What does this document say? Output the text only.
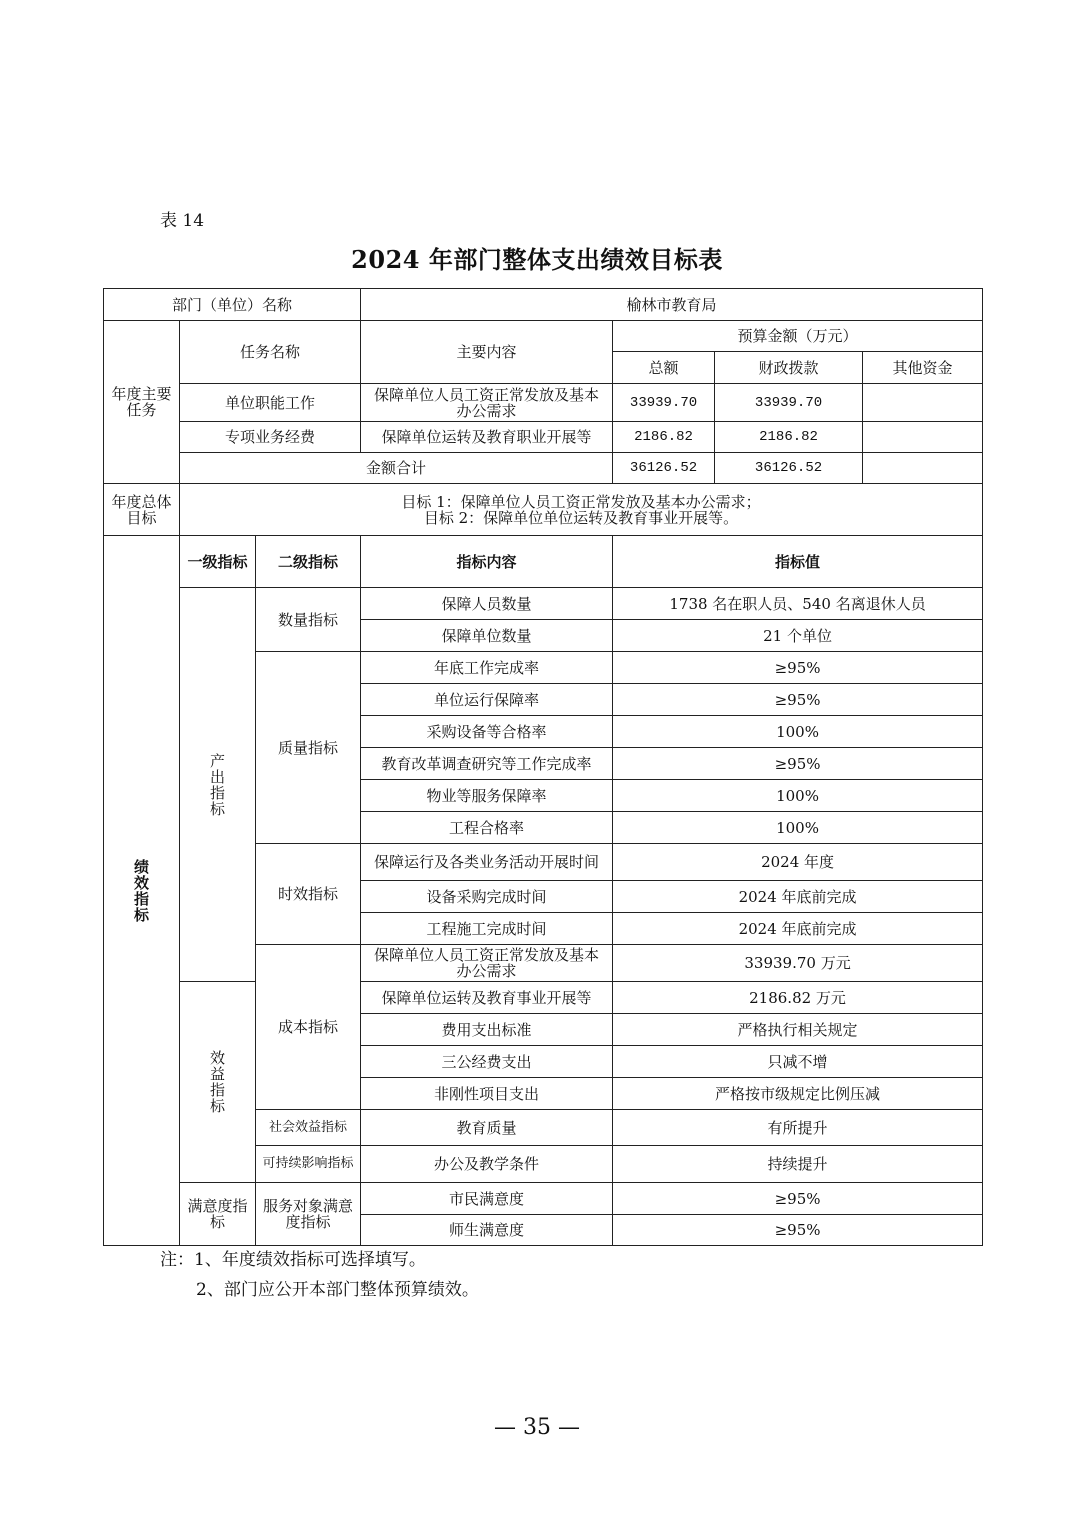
表 14
2024 年部门整体支出绩效目标表
部门（单位）名称			榆林市教育局			
年度主要任务	任务名称		主要内容	预算金额（万元）		
				总额	财政拨款	其他资金
	单位职能工作		保障单位人员工资正常发放及基本办公需求	33939.70	33939.70	
	专项业务经费		保障单位运转及教育职业开展等	2186.82	2186.82	
	金额合计			36126.52	36126.52	

年度总体目标	目标 1：保障单位人员工资正常发放及基本办公需求；
目标 2：保障单位单位运转及教育事业开展等。					

绩效指标	一级指标	二级指标	指标内容	指标值		
	产出指标	数量指标	保障人员数量	1738 名在职人员、540 名离退休人员		
			保障单位数量	21 个单位		
		质量指标	年底工作完成率	≥95%		
			单位运行保障率	≥95%		
			采购设备等合格率	100%		
			教育改革调查研究等工作完成率	≥95%		
			物业等服务保障率	100%		
			工程合格率	100%		
		时效指标	保障运行及各类业务活动开展时间	2024 年度		
			设备采购完成时间	2024 年底前完成		
			工程施工完成时间	2024 年底前完成		
		成本指标	保障单位人员工资正常发放及基本办公需求	33939.70 万元		
	效益指标		保障单位运转及教育事业开展等	2186.82 万元		
			费用支出标准	严格执行相关规定		
			三公经费支出	只减不增		
			非刚性项目支出	严格按市级规定比例压减		
		社会效益指标	教育质量	有所提升		
		可持续影响指标	办公及教学条件	持续提升		
	满意度指标	服务对象满意度指标	市民满意度	≥95%		
			师生满意度	≥95%		
注：1、年度绩效指标可选择填写。
2、部门应公开本部门整体预算绩效。
— 35 —
